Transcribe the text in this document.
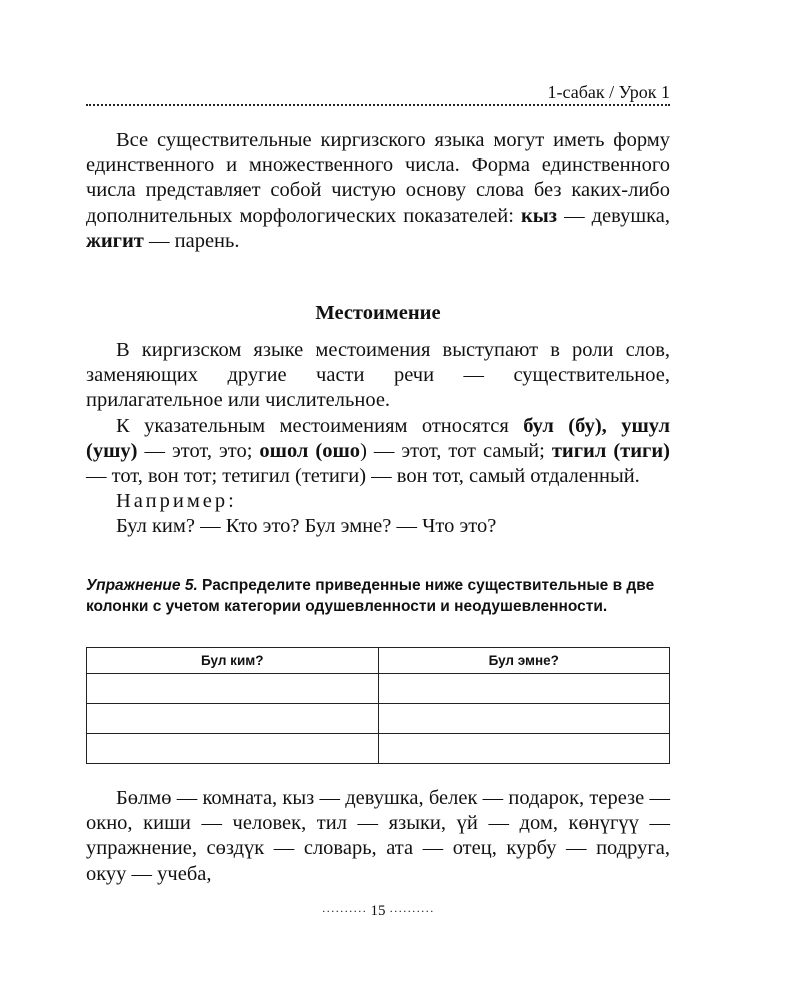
1-сабак / Урок 1

Все существительные киргизского языка могут иметь форму единственного и множественного числа. Форма единственного числа представляет собой чистую основу слова без каких-либо дополнительных морфологических показателей: кыз — девушка, жигит — парень.

Местоимение

В киргизском языке местоимения выступают в роли слов, заменяющих другие части речи — существительное, прилагательное или числительное.

К указательным местоимениям относятся бул (бу), ушул (ушу) — этот, это; ошол (ошо) — этот, тот самый; тигил (тиги) — тот, вон тот; тетигил (тетиги) — вон тот, самый отдаленный.

Например:

Бул ким? — Кто это? Бул эмне? — Что это?

Упражнение 5. Распределите приведенные ниже существительные в две колонки с учетом категории одушевленности и неодушевленности.
Бул ким?	Бул эмне?

Бөлмө — комната, кыз — девушка, белек — подарок, терезе — окно, киши — человек, тил — языки, үй — дом, көнүгүү — упражнение, сөздүк — словарь, ата — отец, курбу — подруга, окуу — учеба,

·········· 15 ··········
